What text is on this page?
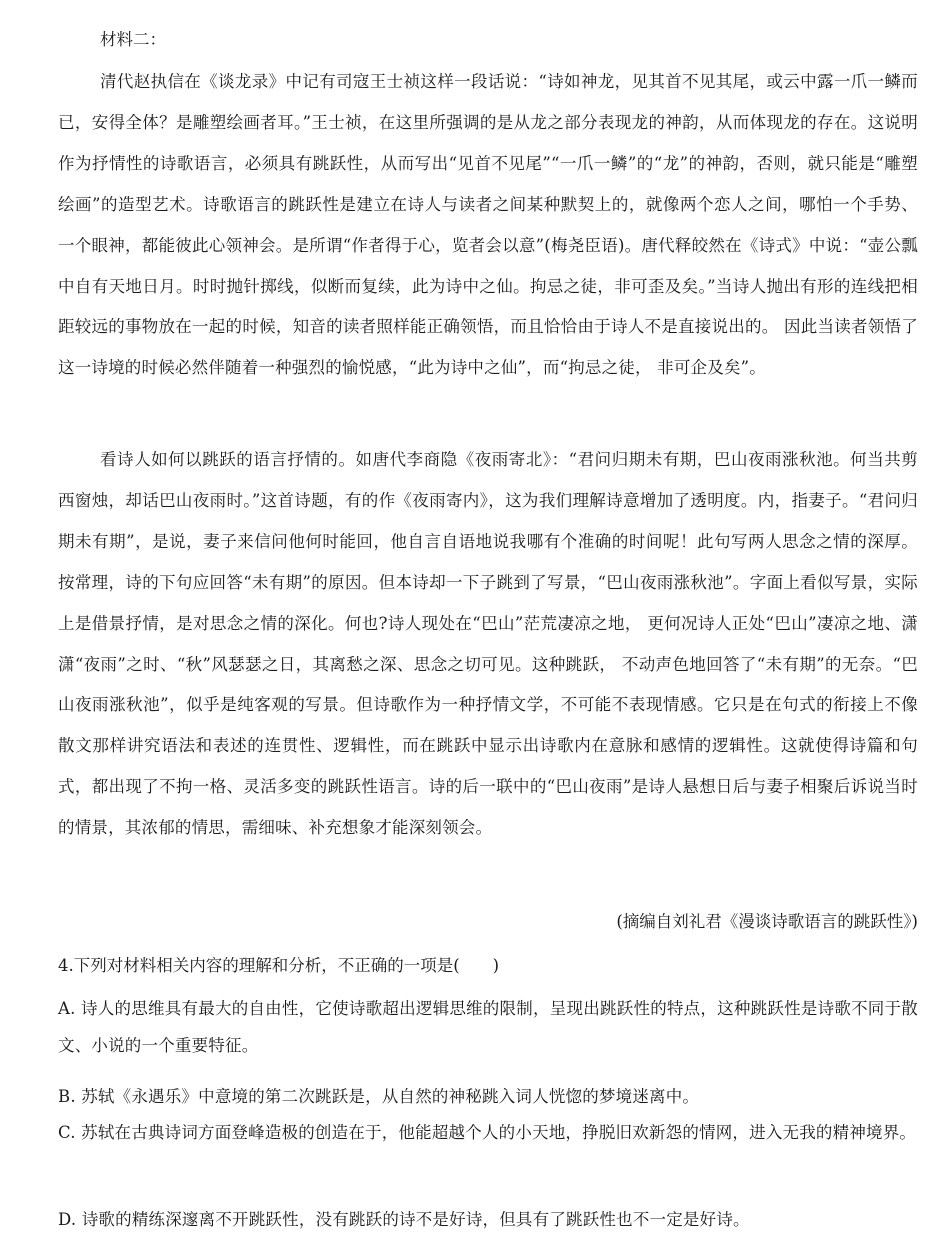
材料二：
清代赵执信在《谈龙录》中记有司寇王士祯这样一段话说：“诗如神龙，见其首不见其尾，或云中露一爪一鳞而已，安得全体？是雕塑绘画者耳。”王士祯，在这里所强调的是从龙之部分表现龙的神韵，从而体现龙的存在。这说明作为抒情性的诗歌语言，必须具有跳跃性，从而写出“见首不见尾”“一爪一鳞”的“龙”的神韵，否则，就只能是“雕塑绘画”的造型艺术。诗歌语言的跳跃性是建立在诗人与读者之间某种默契上的，就像两个恋人之间，哪怕一个手势、一个眼神，都能彼此心领神会。是所谓“作者得于心，览者会以意”(梅尧臣语)。唐代释皎然在《诗式》中说：“壶公瓢中自有天地日月。时时抛针掷线，似断而复续，此为诗中之仙。拘忌之徒，非可歪及矣。”当诗人抛出有形的连线把相距较远的事物放在一起的时候，知音的读者照样能正确领悟，而且恰恰由于诗人不是直接说出的。 因此当读者领悟了这一诗境的时候必然伴随着一种强烈的愉悦感，“此为诗中之仙”，而“拘忌之徒， 非可企及矣”。
看诗人如何以跳跃的语言抒情的。如唐代李商隐《夜雨寄北》：“君问归期未有期，巴山夜雨涨秋池。何当共剪西窗烛，却话巴山夜雨时。”这首诗题，有的作《夜雨寄内》，这为我们理解诗意增加了透明度。内，指妻子。“君问归期未有期”，是说，妻子来信问他何时能回，他自言自语地说我哪有个准确的时间呢！此句写两人思念之情的深厚。按常理，诗的下句应回答“未有期”的原因。但本诗却一下子跳到了写景，“巴山夜雨涨秋池”。字面上看似写景，实际上是借景抒情，是对思念之情的深化。何也?诗人现处在“巴山”茫荒凄凉之地， 更何况诗人正处“巴山”凄凉之地、潇潇“夜雨”之时、“秋”风瑟瑟之日，其离愁之深、思念之切可见。这种跳跃， 不动声色地回答了“未有期”的无奈。“巴山夜雨涨秋池”，似乎是纯客观的写景。但诗歌作为一种抒情文学，不可能不表现情感。它只是在句式的衔接上不像散文那样讲究语法和表述的连贯性、逻辑性，而在跳跃中显示出诗歌内在意脉和感情的逻辑性。这就使得诗篇和句式，都出现了不拘一格、灵活多变的跳跃性语言。诗的后一联中的“巴山夜雨”是诗人悬想日后与妻子相聚后诉说当时的情景，其浓郁的情思，需细味、补充想象才能深刻领会。
(摘编自刘礼君《漫谈诗歌语言的跳跃性》)
4.下列对材料相关内容的理解和分析，不正确的一项是(　　)
A. 诗人的思维具有最大的自由性，它使诗歌超出逻辑思维的限制，呈现出跳跃性的特点，这种跳跃性是诗歌不同于散文、小说的一个重要特征。
B. 苏轼《永遇乐》中意境的第二次跳跃是，从自然的神秘跳入词人恍惚的梦境迷离中。
C. 苏轼在古典诗词方面登峰造极的创造在于，他能超越个人的小天地，挣脱旧欢新怨的情网，进入无我的精神境界。
D. 诗歌的精练深邃离不开跳跃性，没有跳跃的诗不是好诗，但具有了跳跃性也不一定是好诗。
